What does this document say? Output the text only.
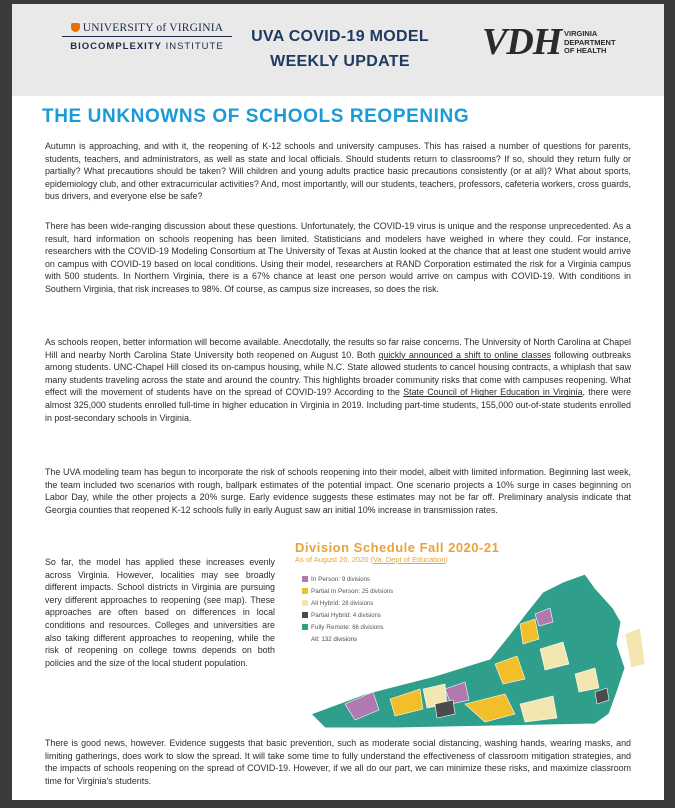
UNIVERSITY of VIRGINIA
BIOCOMPLEXITY INSTITUTE
UVA COVID-19 MODEL
WEEKLY UPDATE	VDH VIRGINIA
DEPARTMENT
OF HEALTH
THE UNKNOWNS OF SCHOOLS REOPENING

Autumn is approaching, and with it, the reopening of K-12 schools and university campuses. This has raised a number of questions for parents, students, teachers, and administrators, as well as state and local officials. Should students return to classrooms? If so, should they return fully or partially? What precautions should be taken? Will children and young adults practice basic precautions consistently (or at all)? What about sports, epidemiology club, and other extracurricular activities? And, most importantly, will our students, teachers, professors, cafeteria workers, cross guards, bus drivers, and everyone else be safe?

There has been wide-ranging discussion about these questions. Unfortunately, the COVID-19 virus is unique and the response unprecedented. As a result, hard information on schools reopening has been limited. Statisticians and modelers have weighed in where they could. For instance, researchers with the COVID-19 Modeling Consortium at The University of Texas at Austin looked at the chance that at least one student would arrive on campus with COVID-19 based on local conditions. Using their model, researchers at RAND Corporation estimated the risk for a Virginia campus with 500 students. In Northern Virginia, there is a 67% chance at least one person would arrive on campus with COVID-19. With conditions in Southern Virginia, that risk increases to 98%. Of course, as campus size increases, so does the risk.

As schools reopen, better information will become available. Anecdotally, the results so far raise concerns. The University of North Carolina at Chapel Hill and nearby North Carolina State University both reopened on August 10. Both quickly announced a shift to online classes following outbreaks among students. UNC-Chapel Hill closed its on-campus housing, while N.C. State allowed students to cancel housing contracts, a whiplash that saw many students traveling across the state and around the country. This highlights broader community risks that come with campuses reopening. What effect will the movement of students have on the spread of COVID-19? According to the State Council of Higher Education in Virginia, there were almost 325,000 students enrolled full-time in higher education in Virginia in 2019. Including part-time students, 155,000 out-of-state students enrolled in post-secondary schools in Virginia.

The UVA modeling team has begun to incorporate the risk of schools reopening into their model, albeit with limited information. Beginning last week, the team included two scenarios with rough, ballpark estimates of the potential impact. One scenario projects a 10% surge in cases beginning on Labor Day, while the other projects a 20% surge. Early evidence suggests these estimates may not be far off. Preliminary analysis indicate that Georgia counties that reopened K-12 schools fully in early August saw an initial 10% increase in transmission rates.

So far, the model has applied these increases evenly across Virginia. However, localities may see broadly different impacts. School districts in Virginia are pursuing very different approaches to reopening (see map). These approaches are often based on differences in local conditions and resources. Colleges and universities are also taking different approaches to reopening, while the risk of reopening on college towns depends on both policies and the size of the local student population.

Division Schedule Fall 2020-21

As of August 20, 2020 (Va. Dept of Education)

In Person: 9 divisions
Partial In Person: 25 divisions
All Hybrid: 28 divisions
Partial Hybrid: 4 divisions
Fully Remote: 66 divisions
All: 132 divisions

There is good news, however. Evidence suggests that basic prevention, such as moderate social distancing, washing hands, wearing masks, and limiting gatherings, does work to slow the spread. It will take some time to fully understand the effectiveness of classroom mitigation strategies, and the impacts of schools reopening on the spread of COVID-19. However, if we all do our part, we can minimize these risks, and maximize classroom time for Virginia's students.
